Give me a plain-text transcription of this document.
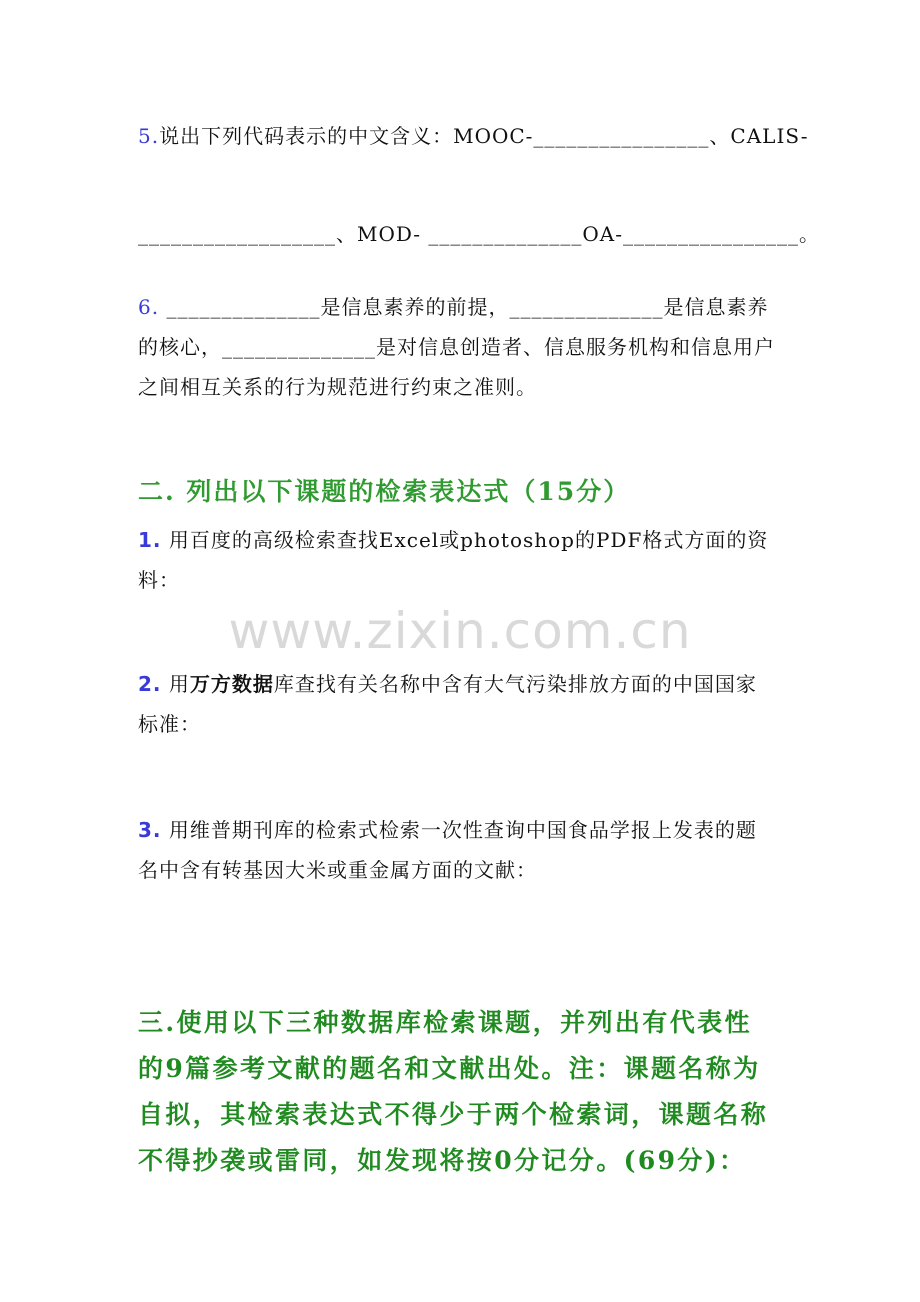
www.zixin.com.cn

5.说出下列代码表示的中文含义：MOOC-________________、CALIS-

__________________、MOD- ______________OA-________________。

6. ______________是信息素养的前提，______________是信息素养

的核心，______________是对信息创造者、信息服务机构和信息用户

之间相互关系的行为规范进行约束之准则。

二. 列出以下课题的检索表达式（15分）

1. 用百度的高级检索查找Excel或photoshop的PDF格式方面的资

料：

2. 用万方数据库查找有关名称中含有大气污染排放方面的中国国家

标准：

3. 用维普期刊库的检索式检索一次性查询中国食品学报上发表的题

名中含有转基因大米或重金属方面的文献：

三.使用以下三种数据库检索课题，并列出有代表性
的9篇参考文献的题名和文献出处。注：课题名称为
自拟，其检索表达式不得少于两个检索词，课题名称
不得抄袭或雷同，如发现将按0分记分。(69分)：
